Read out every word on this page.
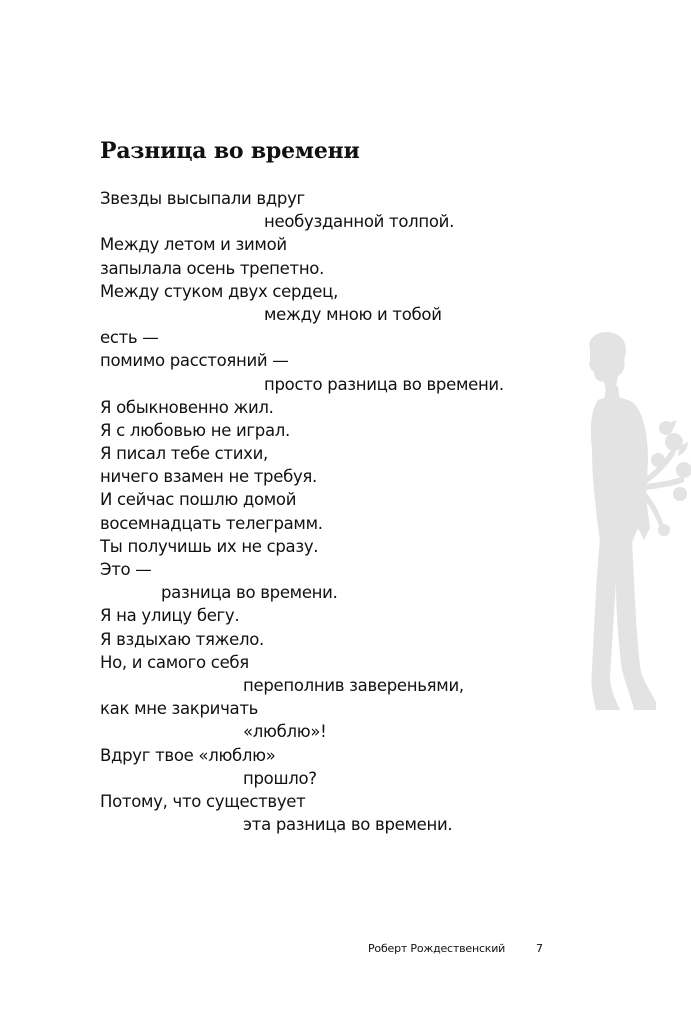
Разница во времени
Звезды высыпали вдруг
необузданной толпой.
Между летом и зимой
запылала осень трепетно.
Между стуком двух сердец,
между мною и тобой
есть —
помимо расстояний —
просто разница во времени.
Я обыкновенно жил.
Я с любовью не играл.
Я писал тебе стихи,
ничего взамен не требуя.
И сейчас пошлю домой
восемнадцать телеграмм.
Ты получишь их не сразу.
Это —
разница во времени.
Я на улицу бегу.
Я вздыхаю тяжело.
Но, и самого себя
переполнив завереньями,
как мне закричать
«люблю»!
Вдруг твое «люблю»
прошло?
Потому, что существует
эта разница во времени.
Роберт Рождественский	7
